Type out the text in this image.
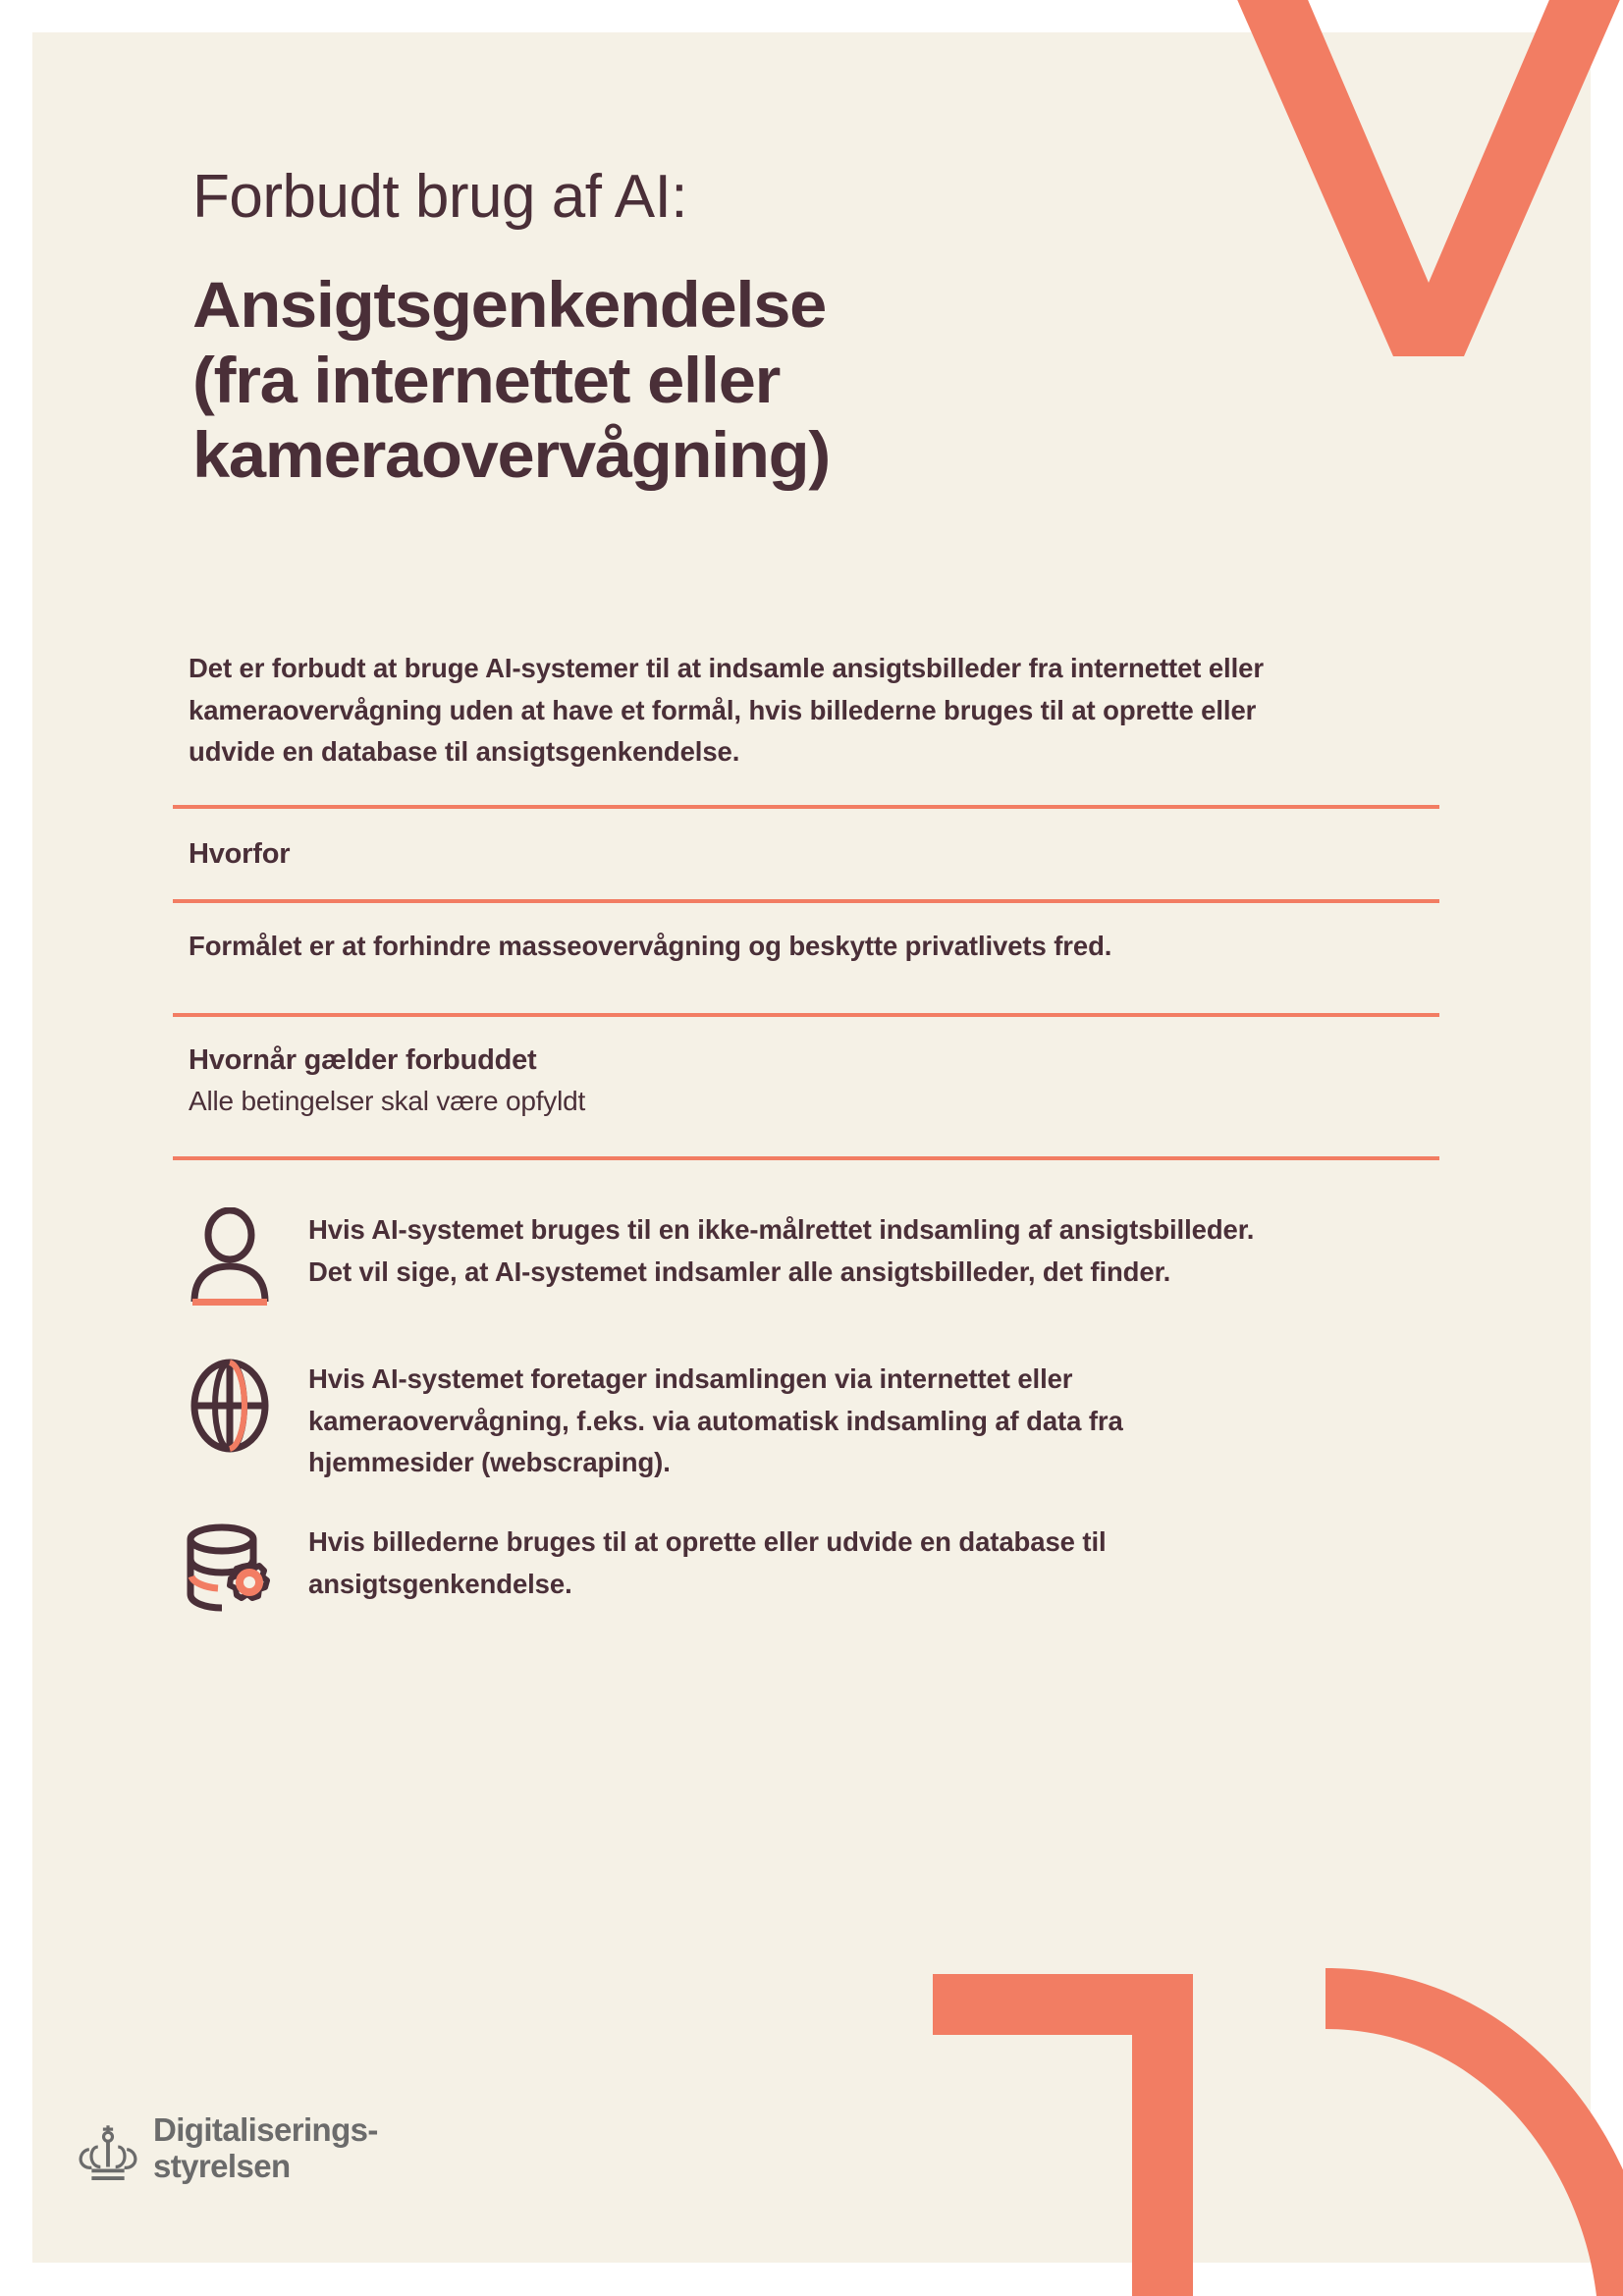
Forbudt brug af AI:
Ansigtsgenkendelse
(fra internettet eller
kameraovervågning)
Det er forbudt at bruge AI-systemer til at indsamle ansigtsbilleder fra internettet eller kameraovervågning uden at have et formål, hvis billederne bruges til at oprette eller udvide en database til ansigtsgenkendelse.
Hvorfor
Formålet er at forhindre masseovervågning og beskytte privatlivets fred.
Hvornår gælder forbuddet
Alle betingelser skal være opfyldt
Hvis AI-systemet bruges til en ikke-målrettet indsamling af ansigtsbilleder. Det vil sige, at AI-systemet indsamler alle ansigtsbilleder, det finder.
Hvis AI-systemet foretager indsamlingen via internettet eller kameraovervågning, f.eks. via automatisk indsamling af data fra hjemmesider (webscraping).
Hvis billederne bruges til at oprette eller udvide en database til ansigtsgenkendelse.
Digitaliserings-
styrelsen
